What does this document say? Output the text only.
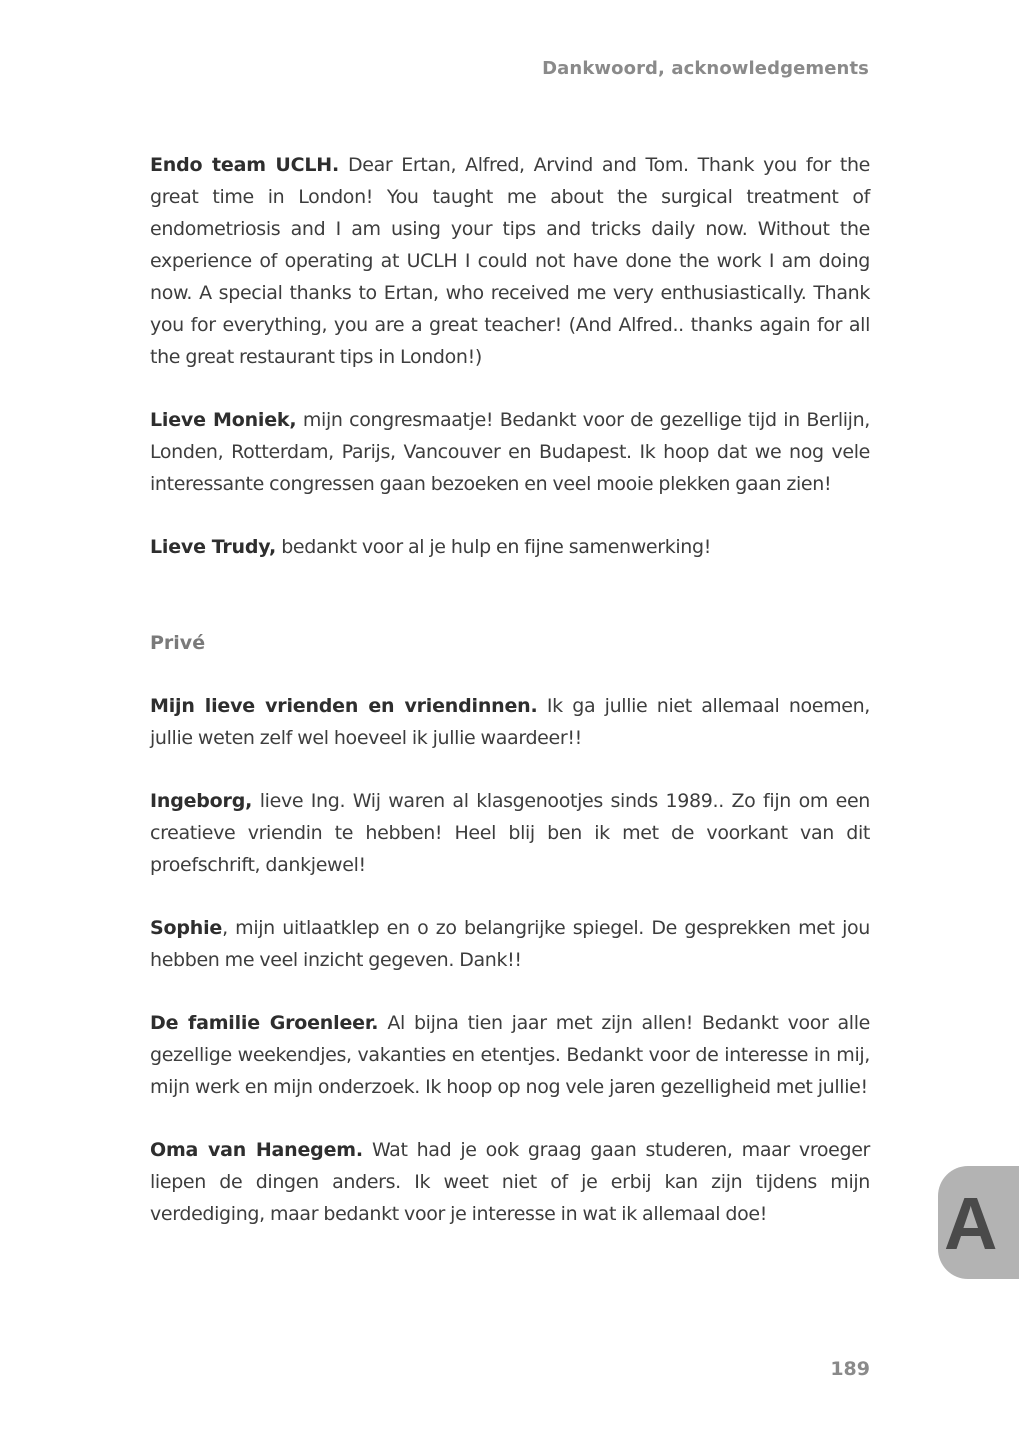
Dankwoord, acknowledgements

Endo team UCLH. Dear Ertan, Alfred, Arvind and Tom. Thank you for the great time in London! You taught me about the surgical treatment of endometriosis and I am using your tips and tricks daily now. Without the experience of operating at UCLH I could not have done the work I am doing now. A special thanks to Ertan, who received me very enthusiastically. Thank you for everything, you are a great teacher! (And Alfred.. thanks again for all the great restaurant tips in London!)

Lieve Moniek, mijn congresmaatje! Bedankt voor de gezellige tijd in Berlijn, Londen, Rotterdam, Parijs, Vancouver en Budapest. Ik hoop dat we nog vele interessante congressen gaan bezoeken en veel mooie plekken gaan zien!

Lieve Trudy, bedankt voor al je hulp en fijne samenwerking!

Privé

Mijn lieve vrienden en vriendinnen. Ik ga jullie niet allemaal noemen, jullie weten zelf wel hoeveel ik jullie waardeer!!

Ingeborg, lieve Ing. Wij waren al klasgenootjes sinds 1989.. Zo fijn om een creatieve vriendin te hebben! Heel blij ben ik met de voorkant van dit proefschrift, dankjewel!

Sophie, mijn uitlaatklep en o zo belangrijke spiegel. De gesprekken met jou hebben me veel inzicht gegeven. Dank!!

De familie Groenleer. Al bijna tien jaar met zijn allen! Bedankt voor alle gezellige weekendjes, vakanties en etentjes. Bedankt voor de interesse in mij, mijn werk en mijn onderzoek. Ik hoop op nog vele jaren gezelligheid met jullie!

Oma van Hanegem. Wat had je ook graag gaan studeren, maar vroeger liepen de dingen anders. Ik weet niet of je erbij kan zijn tijdens mijn verdediging, maar bedankt voor je interesse in wat ik allemaal doe!	A
189
